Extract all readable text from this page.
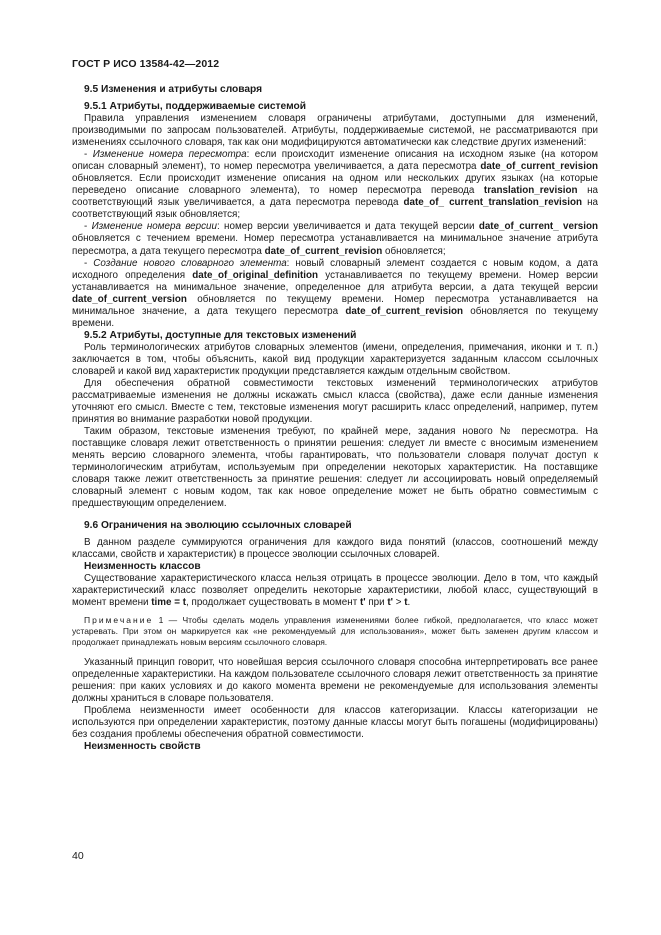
ГОСТ Р ИСО 13584-42—2012
9.5 Изменения и атрибуты словаря
9.5.1 Атрибуты, поддерживаемые системой

Правила управления изменением словаря ограничены атрибутами, доступными для изменений, производимыми по запросам пользователей. Атрибуты, поддерживаемые системой, не рассматриваются при изменениях ссылочного словаря, так как они модифицируются автоматически как следствие других изменений:

- Изменение номера пересмотра: если происходит изменение описания на исходном языке (на котором описан словарный элемент), то номер пересмотра увеличивается, а дата пересмотра date_of_current_revision обновляется. Если происходит изменение описания на одном или нескольких других языках (на которые переведено описание словарного элемента), то номер пересмотра перевода translation_revision на соответствующий язык увеличивается, а дата пересмотра перевода date_of_ current_translation_revision на соответствующий язык обновляется;

- Изменение номера версии: номер версии увеличивается и дата текущей версии date_of_current_ version обновляется с течением времени. Номер пересмотра устанавливается на минимальное значение атрибута пересмотра, а дата текущего пересмотра date_of_current_revision обновляется;

- Создание нового словарного элемента: новый словарный элемент создается с новым кодом, а дата исходного определения date_of_original_definition устанавливается по текущему времени. Номер версии устанавливается на минимальное значение, определенное для атрибута версии, а дата текущей версии date_of_current_version обновляется по текущему времени. Номер пересмотра устанавливается на минимальное значение, а дата текущего пересмотра date_of_current_revision обновляется по текущему времени.

9.5.2 Атрибуты, доступные для текстовых изменений

Роль терминологических атрибутов словарных элементов (имени, определения, примечания, иконки и т. п.) заключается в том, чтобы объяснить, какой вид продукции характеризуется заданным классом ссылочных словарей и какой вид характеристик продукции представляется каждым отдельным свойством.

Для обеспечения обратной совместимости текстовых изменений терминологических атрибутов рассматриваемые изменения не должны искажать смысл класса (свойства), даже если данные изменения уточняют его смысл. Вместе с тем, текстовые изменения могут расширить класс определений, например, путем принятия во внимание разработки новой продукции.

Таким образом, текстовые изменения требуют, по крайней мере, задания нового № пересмотра. На поставщике словаря лежит ответственность о принятии решения: следует ли вместе с вносимым изменением менять версию словарного элемента, чтобы гарантировать, что пользователи словаря получат доступ к терминологическим атрибутам, используемым при определении некоторых характеристик. На поставщике словаря также лежит ответственность за принятие решения: следует ли ассоциировать новый определяемый словарный элемент с новым кодом, так как новое определение может не быть обратно совместимым с предшествующим определением.

9.6 Ограничения на эволюцию ссылочных словарей

В данном разделе суммируются ограничения для каждого вида понятий (классов, соотношений между классами, свойств и характеристик) в процессе эволюции ссылочных словарей.

Неизменность классов

Существование характеристического класса нельзя отрицать в процессе эволюции. Дело в том, что каждый характеристический класс позволяет определить некоторые характеристики, любой класс, существующий в момент времени time = t, продолжает существовать в момент t' при t' > t.

Примечание 1 — Чтобы сделать модель управления изменениями более гибкой, предполагается, что класс может устаревать. При этом он маркируется как «не рекомендуемый для использования», может быть заменен другим классом и продолжает принадлежать новым версиям ссылочного словаря.

Указанный принцип говорит, что новейшая версия ссылочного словаря способна интерпретировать все ранее определенные характеристики. На каждом пользователе ссылочного словаря лежит ответственность за принятие решения: при каких условиях и до какого момента времени не рекомендуемые для использования элементы должны храниться в словаре пользователя.

Проблема неизменности имеет особенности для классов категоризации. Классы категоризации не используются при определении характеристик, поэтому данные классы могут быть погашены (модифицированы) без создания проблемы обеспечения обратной совместимости.

Неизменность свойств
40
